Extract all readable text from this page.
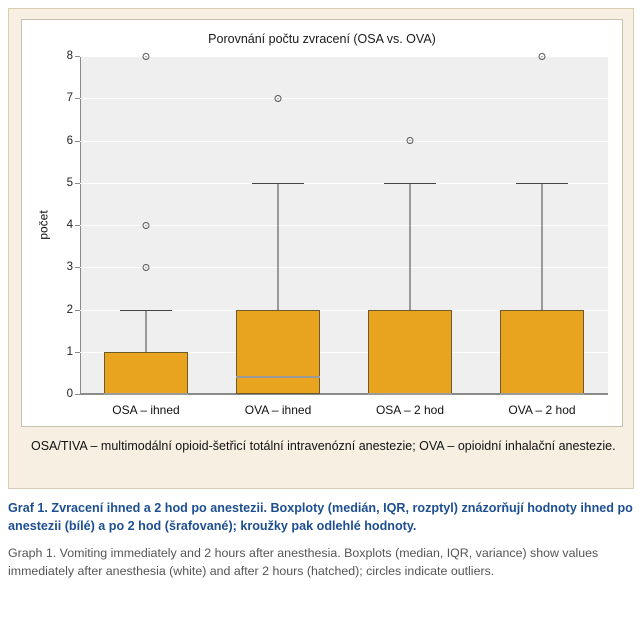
Porovnání počtu zvracení (OSA vs. OVA)
počet
0
1
2
3
4
5
6
7
8
OSA – ihned	OVA – ihned	OSA – 2 hod	OVA – 2 hod
OSA/TIVA – multimodální opioid-šetřicí totální intravenózní anestezie; OVA – opioidní inhalační anestezie.
Graf 1. Zvracení ihned a 2 hod po anestezii. Boxploty (medián, IQR, rozptyl) znázorňují hodnoty ihned po anestezii (bílé) a po 2 hod (šrafované); kroužky pak odlehlé hodnoty.
Graph 1. Vomiting immediately and 2 hours after anesthesia. Boxplots (median, IQR, variance) show values immediately after anesthesia (white) and after 2 hours (hatched); circles indicate outliers.
